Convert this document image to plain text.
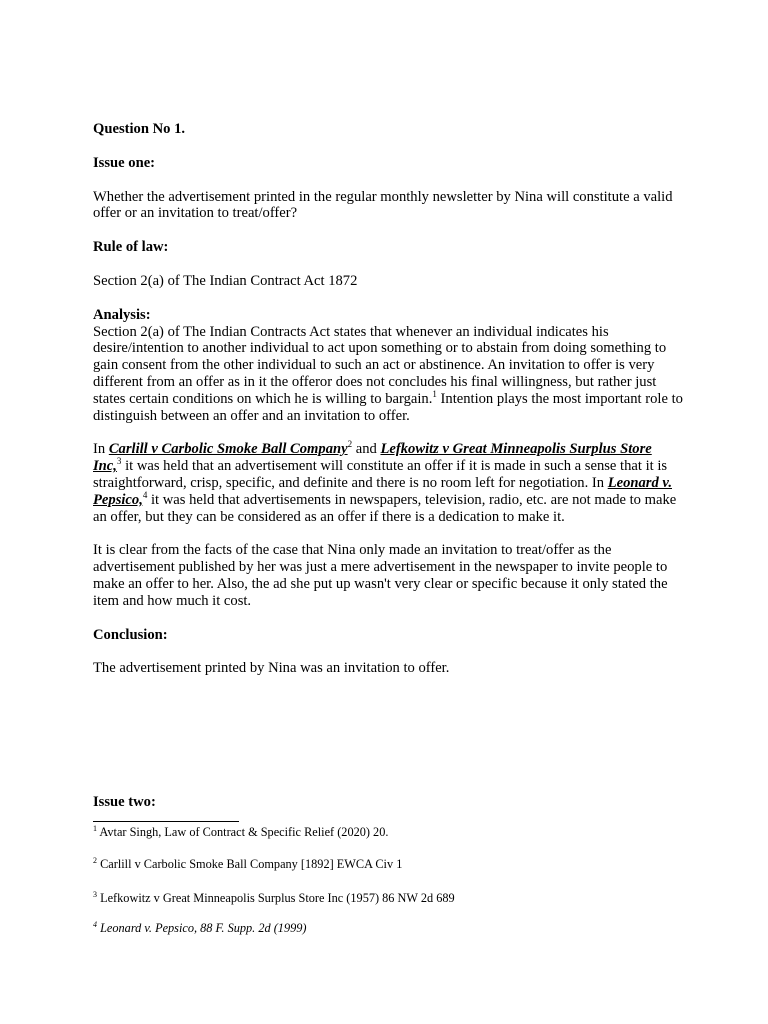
Question No 1.

Issue one:

Whether the advertisement printed in the regular monthly newsletter by Nina will constitute a valid offer or an invitation to treat/offer?

Rule of law:

Section 2(a) of The Indian Contract Act 1872

Analysis:

Section 2(a) of The Indian Contracts Act states that whenever an individual indicates his desire/intention to another individual to act upon something or to abstain from doing something to gain consent from the other individual to such an act or abstinence. An invitation to offer is very different from an offer as in it the offeror does not concludes his final willingness, but rather just states certain conditions on which he is willing to bargain.$^1$ Intention plays the most important role to distinguish between an offer and an invitation to offer.

In Carlill v Carbolic Smoke Ball Company$^2$ and Lefkowitz v Great Minneapolis Surplus Store Inc,$^3$ it was held that an advertisement will constitute an offer if it is made in such a sense that it is straightforward, crisp, specific, and definite and there is no room left for negotiation. In Leonard v. Pepsico,$^4$ it was held that advertisements in newspapers, television, radio, etc. are not made to make an offer, but they can be considered as an offer if there is a dedication to make it.

It is clear from the facts of the case that Nina only made an invitation to treat/offer as the advertisement published by her was just a mere advertisement in the newspaper to invite people to make an offer to her. Also, the ad she put up wasn't very clear or specific because it only stated the item and how much it cost.

Conclusion:

The advertisement printed by Nina was an invitation to offer.

Issue two:

$^1$ Avtar Singh, Law of Contract & Specific Relief (2020) 20.
$^2$ Carlill v Carbolic Smoke Ball Company [1892] EWCA Civ 1
$^3$ Lefkowitz v Great Minneapolis Surplus Store Inc (1957) 86 NW 2d 689
$^4$ Leonard v. Pepsico, 88 F. Supp. 2d (1999)
